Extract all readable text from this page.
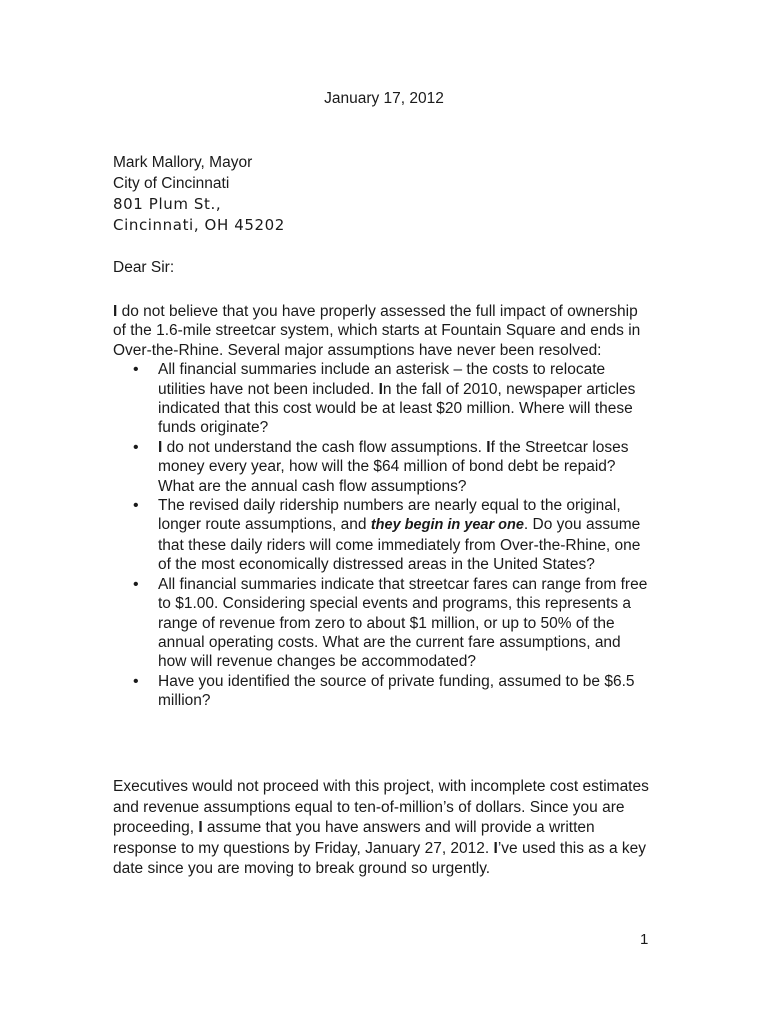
January 17, 2012
Mark Mallory, Mayor
City of Cincinnati
801 Plum St.,
Cincinnati, OH 45202
Dear Sir:

I do not believe that you have properly assessed the full impact of ownership of the 1.6-mile streetcar system, which starts at Fountain Square and ends in Over-the-Rhine. Several major assumptions have never been resolved:

• All financial summaries include an asterisk – the costs to relocate utilities have not been included. In the fall of 2010, newspaper articles indicated that this cost would be at least $20 million. Where will these funds originate?
• I do not understand the cash flow assumptions. If the Streetcar loses money every year, how will the $64 million of bond debt be repaid? What are the annual cash flow assumptions?
• The revised daily ridership numbers are nearly equal to the original, longer route assumptions, and they begin in year one. Do you assume that these daily riders will come immediately from Over-the-Rhine, one of the most economically distressed areas in the United States?
• All financial summaries indicate that streetcar fares can range from free to $1.00. Considering special events and programs, this represents a range of revenue from zero to about $1 million, or up to 50% of the annual operating costs. What are the current fare assumptions, and how will revenue changes be accommodated?
• Have you identified the source of private funding, assumed to be $6.5 million?

Executives would not proceed with this project, with incomplete cost estimates and revenue assumptions equal to ten-of-million’s of dollars. Since you are proceeding, I assume that you have answers and will provide a written response to my questions by Friday, January 27, 2012. I’ve used this as a key date since you are moving to break ground so urgently.

1
